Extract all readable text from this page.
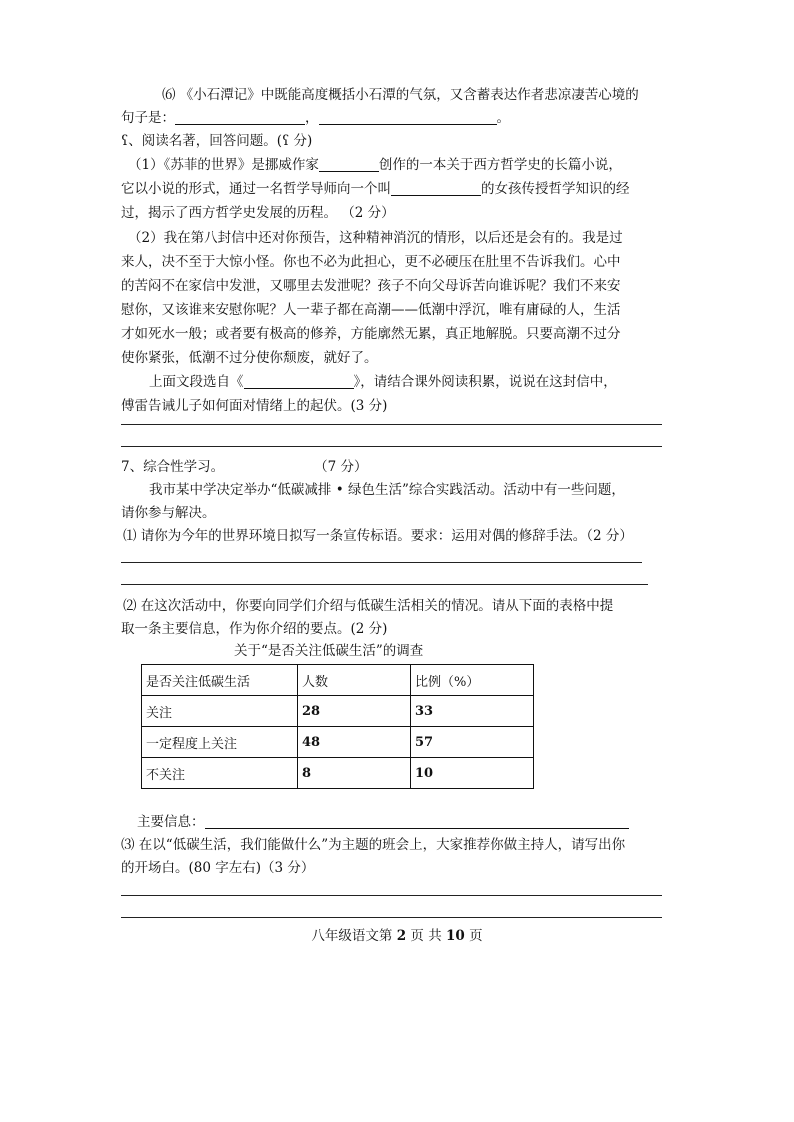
⑹ 《小石潭记》中既能高度概括小石潭的气氛，又含蓄表达作者悲凉凄苦心境的
句子是：	，	。
ʕ、阅读名著，回答问题。(ʕ 分)
（1）《苏菲的世界》是挪威作家	创作的一本关于西方哲学史的长篇小说，
它以小说的形式，通过一名哲学导师向一个叫	的女孩传授哲学知识的经
过，揭示了西方哲学史发展的历程。 （2 分）
（2）我在第八封信中还对你预告，这种精神消沉的情形，以后还是会有的。我是过
来人，决不至于大惊小怪。你也不必为此担心，更不必硬压在肚里不告诉我们。心中
的苦闷不在家信中发泄，又哪里去发泄呢？孩子不向父母诉苦向谁诉呢？我们不来安
慰你，又该谁来安慰你呢？人一辈子都在高潮——低潮中浮沉，唯有庸碌的人，生活
才如死水一般；或者要有极高的修养，方能廓然无累，真正地解脱。只要高潮不过分
使你紧张，低潮不过分使你颓废，就好了。
上面文段选自《	》，请结合课外阅读积累，说说在这封信中，
傅雷告诫儿子如何面对情绪上的起伏。(3 分)
7、综合性学习。	（7 分）
我市某中学决定举办“低碳减排 • 绿色生活”综合实践活动。活动中有一些问题，
请你参与解决。
⑴ 请你为今年的世界环境日拟写一条宣传标语。要求：运用对偶的修辞手法。（2 分）
⑵ 在这次活动中，你要向同学们介绍与低碳生活相关的情况。请从下面的表格中提
取一条主要信息，作为你介绍的要点。(2 分)
关于“是否关注低碳生活”的调查
是否关注低碳生活	人数	比例（%）
关注	28	33
一定程度上关注	48	57
不关注	8	10
主要信息：
⑶ 在以“低碳生活，我们能做什么”为主题的班会上，大家推荐你做主持人，请写出你
的开场白。(80 字左右)（3 分）
八年级语文第 2 页 共 10 页
